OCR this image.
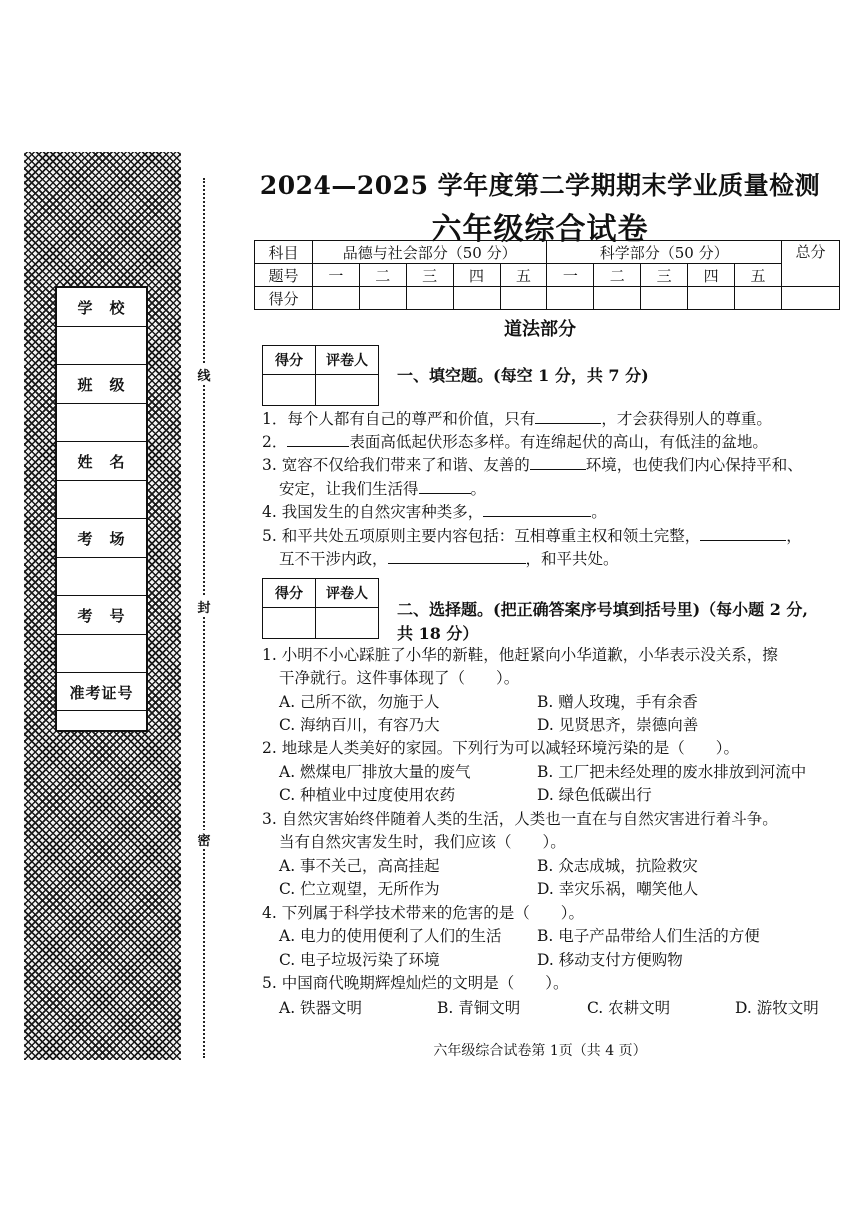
学　校
班　级
姓　名
考　场
考　号
准考证号
线
封
密
2024—2025 学年度第二学期期末学业质量检测
六年级综合试卷
科目	品德与社会部分（50 分）					科学部分（50 分）					总分
题号	一	二	三	四	五	一	二	三	四	五	
得分											
道法部分
得分	评卷人

一、填空题。(每空 1 分，共 7 分)
1．每个人都有自己的尊严和价值，只有	，才会获得别人的尊重。
2．	表面高低起伏形态多样。有连绵起伏的高山，有低洼的盆地。
3. 宽容不仅给我们带来了和谐、友善的	环境，也使我们内心保持平和、
安定，让我们生活得	。
4. 我国发生的自然灾害种类多，	。
5. 和平共处五项原则主要内容包括：互相尊重主权和领土完整，	，
互不干涉内政，	，和平共处。
得分	评卷人

二、选择题。(把正确答案序号填到括号里)（每小题 2 分,
共 18 分）
1. 小明不小心踩脏了小华的新鞋，他赶紧向小华道歉，小华表示没关系，擦
干净就行。这件事体现了（　　）。
A. 己所不欲，勿施于人	B. 赠人玫瑰，手有余香
C. 海纳百川，有容乃大	D. 见贤思齐，崇德向善
2. 地球是人类美好的家园。下列行为可以减轻环境污染的是（　　）。
A. 燃煤电厂排放大量的废气	B. 工厂把未经处理的废水排放到河流中
C. 种植业中过度使用农药	D. 绿色低碳出行
3. 自然灾害始终伴随着人类的生活，人类也一直在与自然灾害进行着斗争。
当有自然灾害发生时，我们应该（　　）。
A. 事不关己，高高挂起	B. 众志成城，抗险救灾
C. 伫立观望，无所作为	D. 幸灾乐祸，嘲笑他人
4. 下列属于科学技术带来的危害的是（　　）。
A. 电力的使用便利了人们的生活 B. 电子产品带给人们生活的方便
C. 电子垃圾污染了环境	D. 移动支付方便购物
5. 中国商代晚期辉煌灿烂的文明是（　　）。
A. 铁器文明	B. 青铜文明	C. 农耕文明	D. 游牧文明
六年级综合试卷第 1页（共 4 页）
